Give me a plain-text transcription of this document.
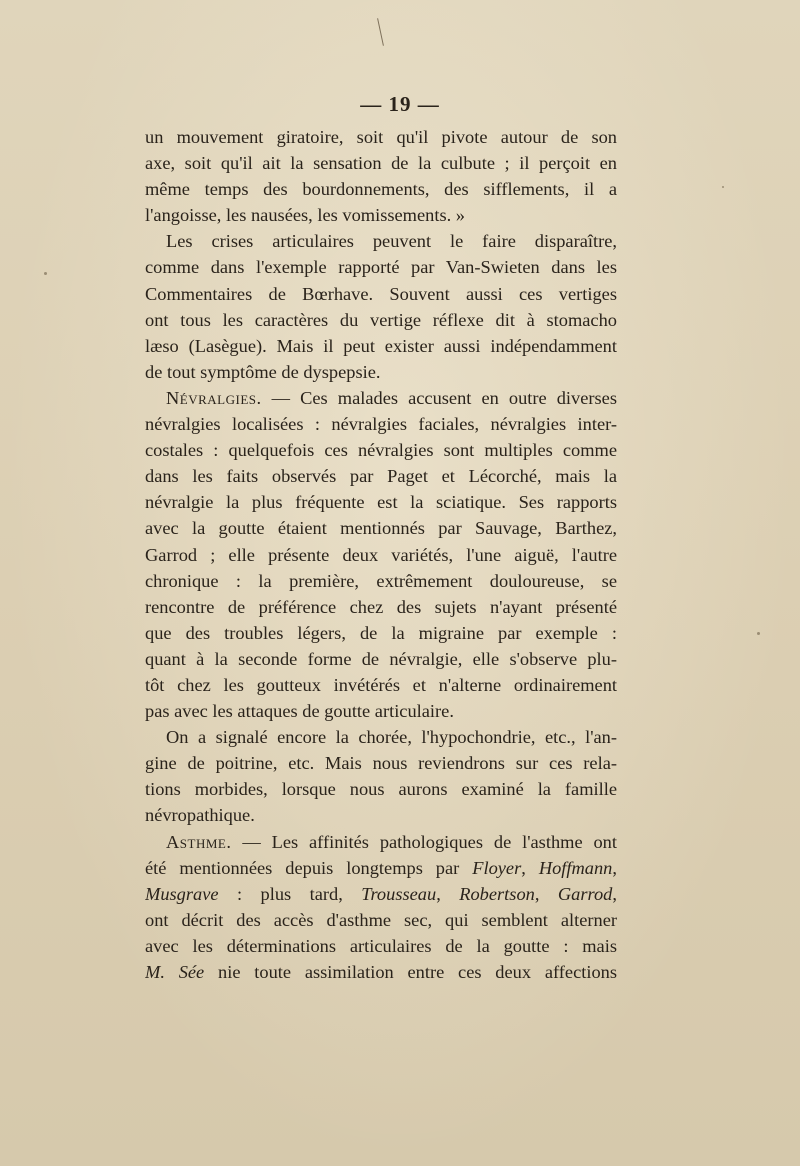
— 19 —
un mouvement giratoire, soit qu'il pivote autour de son
axe, soit qu'il ait la sensation de la culbute ; il perçoit en
même temps des bourdonnements, des sifflements, il a
l'angoisse, les nausées, les vomissements. »
Les crises articulaires peuvent le faire disparaître,
comme dans l'exemple rapporté par Van-Swieten dans les
Commentaires de Bœrhave. Souvent aussi ces vertiges
ont tous les caractères du vertige réflexe dit à stomacho
læso (Lasègue). Mais il peut exister aussi indépendamment
de tout symptôme de dyspepsie.
Névralgies. — Ces malades accusent en outre diverses
névralgies localisées : névralgies faciales, névralgies inter-
costales : quelquefois ces névralgies sont multiples comme
dans les faits observés par Paget et Lécorché, mais la
névralgie la plus fréquente est la sciatique. Ses rapports
avec la goutte étaient mentionnés par Sauvage, Barthez,
Garrod ; elle présente deux variétés, l'une aiguë, l'autre
chronique : la première, extrêmement douloureuse, se
rencontre de préférence chez des sujets n'ayant présenté
que des troubles légers, de la migraine par exemple :
quant à la seconde forme de névralgie, elle s'observe plu-
tôt chez les goutteux invétérés et n'alterne ordinairement
pas avec les attaques de goutte articulaire.
On a signalé encore la chorée, l'hypochondrie, etc., l'an-
gine de poitrine, etc. Mais nous reviendrons sur ces rela-
tions morbides, lorsque nous aurons examiné la famille
névropathique.
Asthme. — Les affinités pathologiques de l'asthme ont
été mentionnées depuis longtemps par Floyer, Hoffmann,
Musgrave : plus tard, Trousseau, Robertson, Garrod,
ont décrit des accès d'asthme sec, qui semblent alterner
avec les déterminations articulaires de la goutte : mais
M. Sée nie toute assimilation entre ces deux affections
